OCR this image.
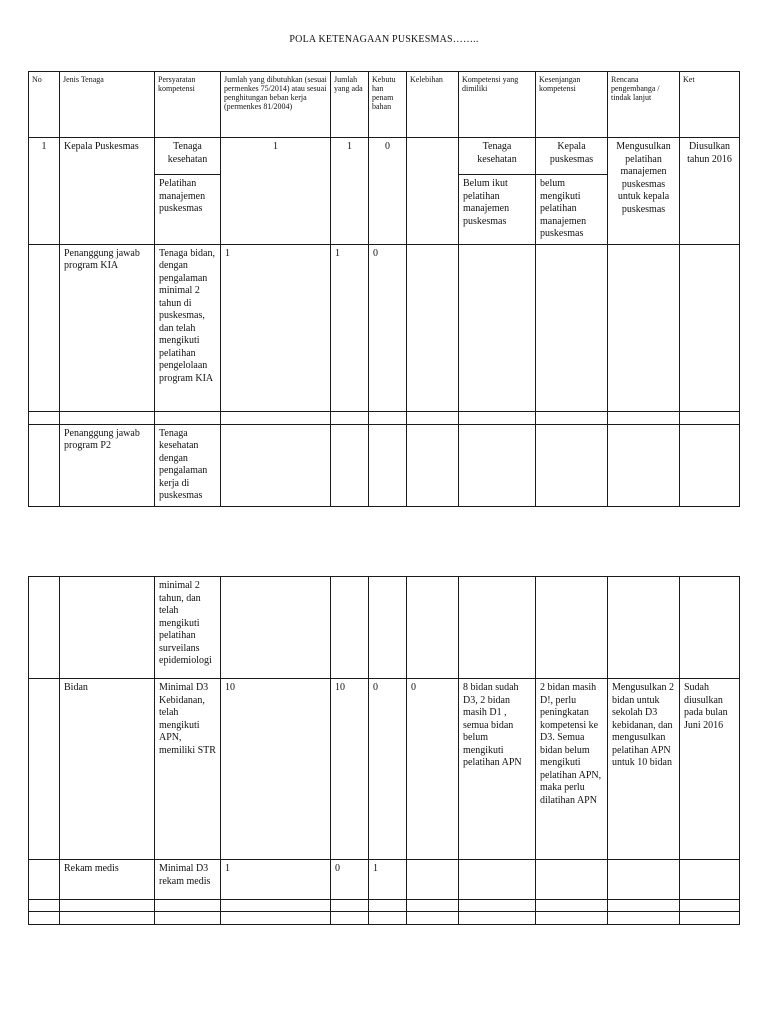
POLA KETENAGAAN PUSKESMAS……..
No	Jenis Tenaga	Persyaratan kompetensi	Jumlah yang dibutuhkan (sesuai permenkes 75/2014) atau sesuai penghitungan beban kerja (permenkes 81/2004)	Jumlah yang ada	Kebutu han penam bahan	Kelebihan	Kompetensi yang dimiliki	Kesenjangan kompetensi	Rencana pengembanga / tindak lanjut	Ket
1	Kepala Puskesmas	Tenaga kesehatan	1	1	0		Tenaga kesehatan	Kepala puskesmas	Mengusulkan pelatihan manajemen puskesmas untuk kepala puskesmas	Diusulkan tahun 2016
		Pelatihan manajemen puskesmas					Belum ikut pelatihan manajemen puskesmas	belum mengikuti pelatihan manajemen puskesmas		
	Penanggung jawab program KIA	Tenaga bidan, dengan pengalaman minimal 2 tahun di puskesmas, dan telah mengikuti pelatihan pengelolaan program KIA	1	1	0					

	Penanggung jawab program P2	Tenaga kesehatan dengan pengalaman kerja di puskesmas								
		minimal 2 tahun, dan telah mengikuti pelatihan surveilans epidemiologi								
	Bidan	Minimal D3 Kebidanan, telah mengikuti APN, memiliki STR	10	10	0	0	8 bidan sudah D3, 2 bidan masih D1 , semua bidan belum mengikuti pelatihan APN	2 bidan masih D!, perlu peningkatan kompetensi ke D3. Semua bidan belum mengikuti pelatihan APN, maka perlu dilatihan APN	Mengusulkan 2 bidan untuk sekolah D3 kebidanan, dan mengusulkan pelatihan APN untuk 10 bidan	Sudah diusulkan pada bulan Juni 2016
	Rekam medis	Minimal D3 rekam medis	1	0	1					
